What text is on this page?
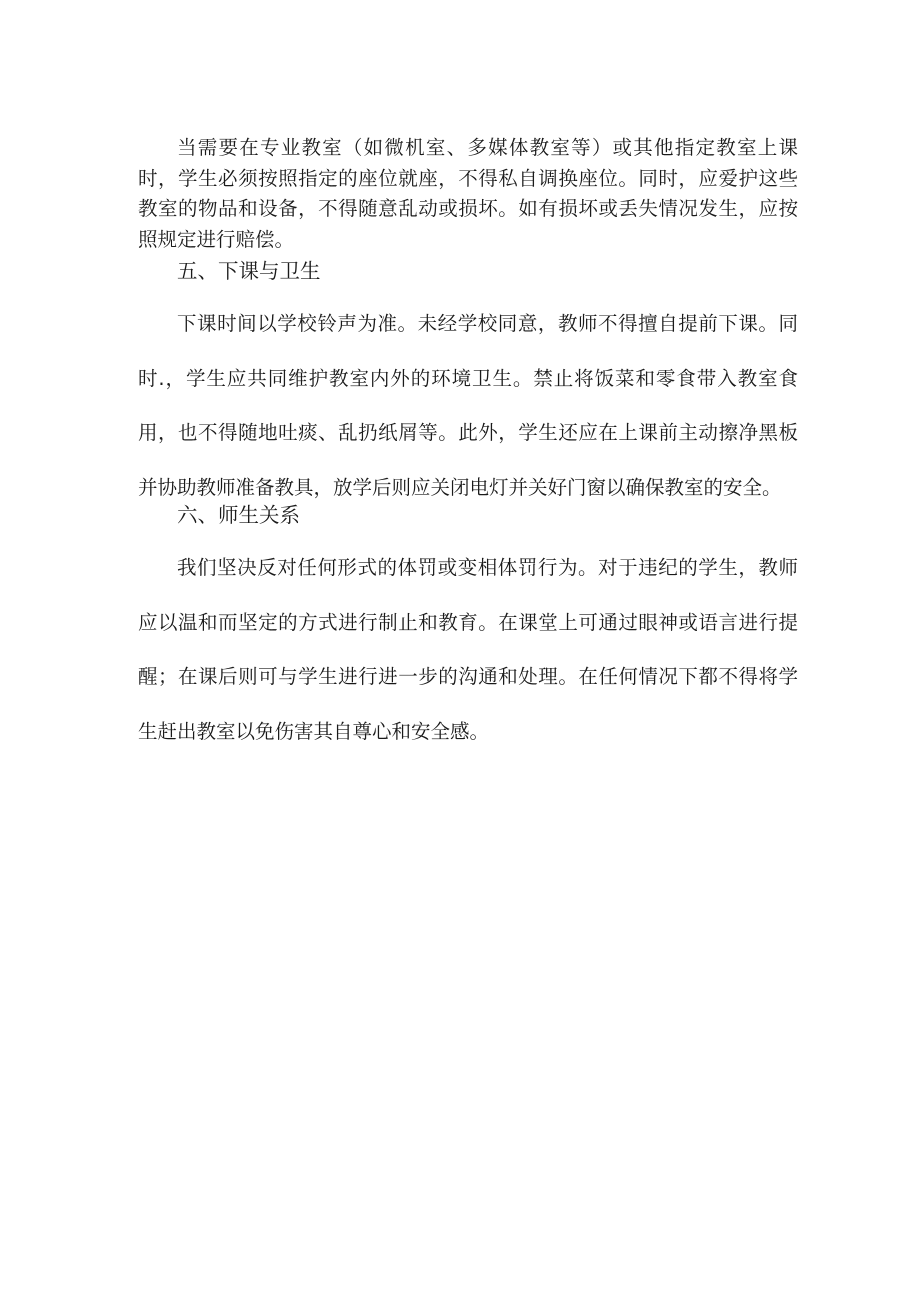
当需要在专业教室（如微机室、多媒体教室等）或其他指定教室上课时，学生必须按照指定的座位就座，不得私自调换座位。同时，应爱护这些教室的物品和设备，不得随意乱动或损坏。如有损坏或丢失情况发生，应按照规定进行赔偿。

五、下课与卫生

下课时间以学校铃声为准。未经学校同意，教师不得擅自提前下课。同时.，学生应共同维护教室内外的环境卫生。禁止将饭菜和零食带入教室食用，也不得随地吐痰、乱扔纸屑等。此外，学生还应在上课前主动擦净黑板并协助教师准备教具，放学后则应关闭电灯并关好门窗以确保教室的安全。

六、师生关系

我们坚决反对任何形式的体罚或变相体罚行为。对于违纪的学生，教师应以温和而坚定的方式进行制止和教育。在课堂上可通过眼神或语言进行提醒；在课后则可与学生进行进一步的沟通和处理。在任何情况下都不得将学生赶出教室以免伤害其自尊心和安全感。
